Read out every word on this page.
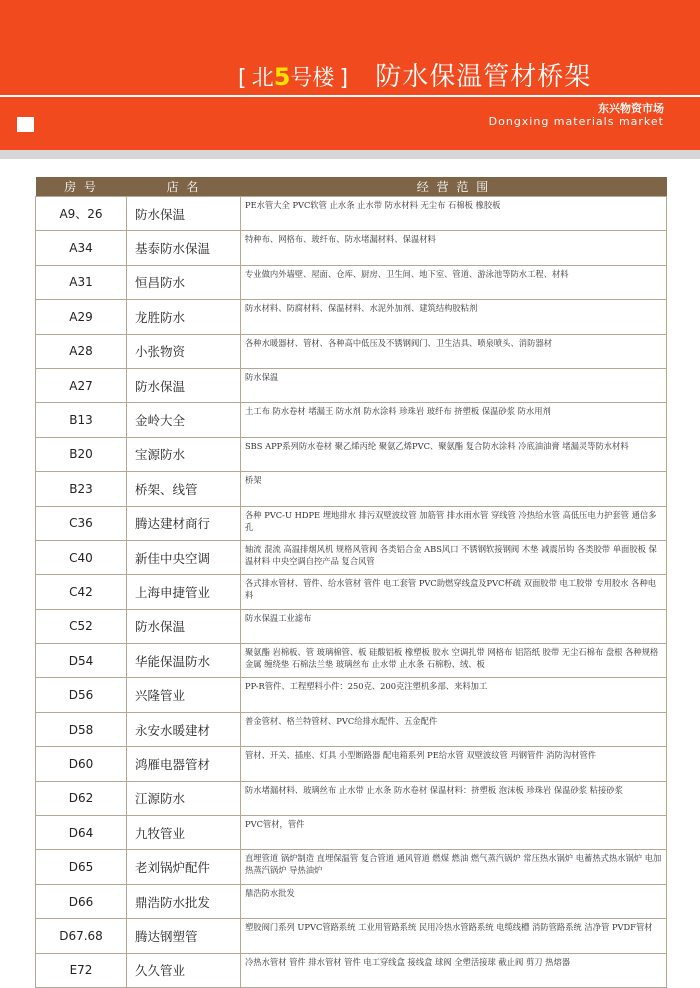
[ 北5号楼 ] 防水保温管材桥架
东兴物资市场
Dongxing materials market
房 号	店 名	经 营 范 围
A9、26	防水保温	PE水管大全 PVC软管 止水条 止水带 防水材料 无尘布 石棉板 橡胶板
A34	基泰防水保温	特种布、网格布、玻纤布、防水堵漏材料、保温材料
A31	恒昌防水	专业做内外墙壁、屋面、仓库、厨房、卫生间、地下室、管道、游泳池等防水工程、材料
A29	龙胜防水	防水材料、防腐材料、保温材料、水泥外加剂、建筑结构胶粘剂
A28	小张物资	各种水暖器材、管材、各种高中低压及不锈钢阀门、卫生洁具、喷泉喷头、消防器材
A27	防水保温	防水保温
B13	金岭大全	土工布 防水卷材 堵漏王 防水剂 防水涂料 珍珠岩 玻纤布 挤塑板 保温砂浆 防水用剂
B20	宝源防水	SBS APP系列防水卷材 聚乙烯丙纶 聚氨乙烯PVC、聚氨酯 复合防水涂料 冷底油油膏 堵漏灵等防水材料
B23	桥架、线管	桥架
C36	腾达建材商行	各种 PVC-U HDPE 埋地排水 排污双壁波纹管 加筋管 排水雨水管 穿线管 冷热给水管 高低压电力护套管 通信多孔
C40	新佳中央空调	轴流 混流 高温排烟风机 规格风管阀 各类铝合金 ABS风口 不锈钢软接钢阀 木垫 减震吊钩 各类胶带 单面胶板 保温材料 中央空调自控产品 复合风管
C42	上海申捷管业	各式排水管材、管件、给水管材 管件 电工套管 PVC助燃穿线盒及PVC杯疏 双面胶带 电工胶带 专用胶水 各种电料
C52	防水保温	防水保温工业滤布
D54	华能保温防水	聚氨酯 岩棉板、管 玻璃棉管、板 硅酸铝板 橡塑板 胶水 空调扎带 网格布 铝箔纸 胶带 无尘石棉布 盘根 各种规格金属 缠绕垫 石棉法兰垫 玻璃丝布 止水带 止水条 石棉粉、绒、板
D56	兴隆管业	PP-R管件、工程塑料小件：250克、200克注塑机多部、来料加工
D58	永安水暖建材	普金管材、格兰特管材、PVC给排水配件、五金配件
D60	鸿雁电器管材	管材、开关、插座、灯具 小型断路器 配电箱系列 PE给水管 双壁波纹管 玛钢管件 消防沟材管件
D62	江源防水	防水堵漏材料、玻璃丝布 止水带 止水条 防水卷材 保温材料：挤塑板 泡沫板 珍珠岩 保温砂浆 粘接砂浆
D64	九牧管业	PVC管材，管件
D65	老刘锅炉配件	直埋管道 锅炉制造 直埋保温管 复合管道 通风管道 燃煤 燃油 燃气蒸汽锅炉 常压热水锅炉 电蓄热式热水锅炉 电加热蒸汽锅炉 导热油炉
D66	鼎浩防水批发	鼎浩防水批发
D67.68	腾达钢塑管	塑胶阀门系列 UPVC管路系统 工业用管路系统 民用冷热水管路系统 电缆线槽 消防管路系统 洁净管 PVDF管材
E72	久久管业	冷热水管材 管件 排水管材 管件 电工穿线盒 接线盒 球阀 全塑活接球 截止阀 剪刀 热熔器
